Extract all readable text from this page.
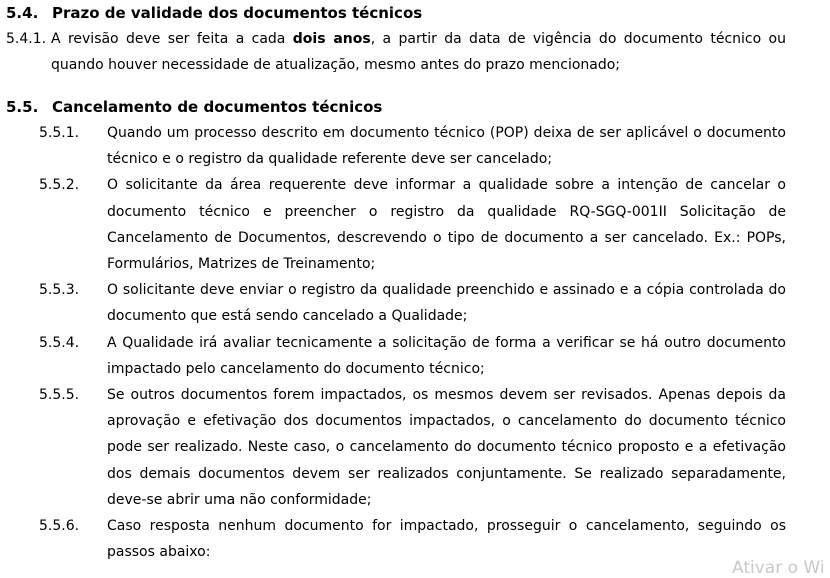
5.4. Prazo de validade dos documentos técnicos
5.4.1. A revisão deve ser feita a cada dois anos, a partir da data de vigência do documento técnico ou quando houver necessidade de atualização, mesmo antes do prazo mencionado;
5.5. Cancelamento de documentos técnicos
5.5.1. Quando um processo descrito em documento técnico (POP) deixa de ser aplicável o documento técnico e o registro da qualidade referente deve ser cancelado;
5.5.2. O solicitante da área requerente deve informar a qualidade sobre a intenção de cancelar o documento técnico e preencher o registro da qualidade RQ-SGQ-001II Solicitação de Cancelamento de Documentos, descrevendo o tipo de documento a ser cancelado. Ex.: POPs, Formulários, Matrizes de Treinamento;
5.5.3. O solicitante deve enviar o registro da qualidade preenchido e assinado e a cópia controlada do documento que está sendo cancelado a Qualidade;
5.5.4. A Qualidade irá avaliar tecnicamente a solicitação de forma a verificar se há outro documento impactado pelo cancelamento do documento técnico;
5.5.5. Se outros documentos forem impactados, os mesmos devem ser revisados. Apenas depois da aprovação e efetivação dos documentos impactados, o cancelamento do documento técnico pode ser realizado. Neste caso, o cancelamento do documento técnico proposto e a efetivação dos demais documentos devem ser realizados conjuntamente. Se realizado separadamente, deve-se abrir uma não conformidade;
5.5.6. Caso resposta nenhum documento for impactado, prosseguir o cancelamento, seguindo os passos abaixo:
Ativar o Wi
